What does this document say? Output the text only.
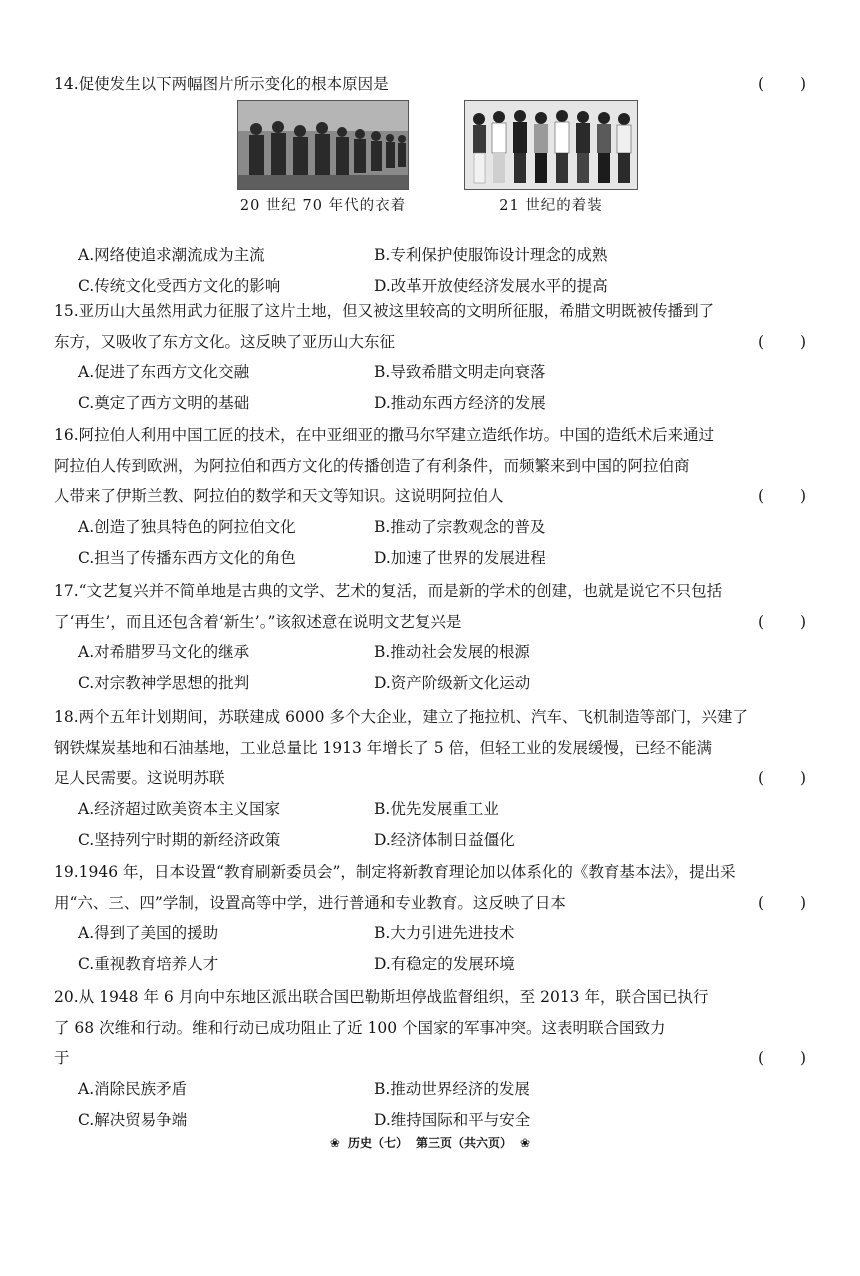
14.促使发生以下两幅图片所示变化的根本原因是	( )
20 世纪 70 年代的衣着	21 世纪的着装
A.网络使追求潮流成为主流	B.专利保护使服饰设计理念的成熟
C.传统文化受西方文化的影响	D.改革开放使经济发展水平的提高
15.亚历山大虽然用武力征服了这片土地，但又被这里较高的文明所征服，希腊文明既被传播到了
东方，又吸收了东方文化。这反映了亚历山大东征	( )
A.促进了东西方文化交融	B.导致希腊文明走向衰落
C.奠定了西方文明的基础	D.推动东西方经济的发展
16.阿拉伯人利用中国工匠的技术，在中亚细亚的撒马尔罕建立造纸作坊。中国的造纸术后来通过
阿拉伯人传到欧洲，为阿拉伯和西方文化的传播创造了有利条件，而频繁来到中国的阿拉伯商
人带来了伊斯兰教、阿拉伯的数学和天文等知识。这说明阿拉伯人	( )
A.创造了独具特色的阿拉伯文化	B.推动了宗教观念的普及
C.担当了传播东西方文化的角色	D.加速了世界的发展进程
17.“文艺复兴并不简单地是古典的文学、艺术的复活，而是新的学术的创建，也就是说它不只包括
了‘再生’，而且还包含着‘新生’。”该叙述意在说明文艺复兴是	( )
A.对希腊罗马文化的继承	B.推动社会发展的根源
C.对宗教神学思想的批判	D.资产阶级新文化运动
18.两个五年计划期间，苏联建成 6000 多个大企业，建立了拖拉机、汽车、飞机制造等部门，兴建了
钢铁煤炭基地和石油基地，工业总量比 1913 年增长了 5 倍，但轻工业的发展缓慢，已经不能满
足人民需要。这说明苏联	( )
A.经济超过欧美资本主义国家	B.优先发展重工业
C.坚持列宁时期的新经济政策	D.经济体制日益僵化
19.1946 年，日本设置“教育刷新委员会”，制定将新教育理论加以体系化的《教育基本法》，提出采
用“六、三、四”学制，设置高等中学，进行普通和专业教育。这反映了日本	( )
A.得到了美国的援助	B.大力引进先进技术
C.重视教育培养人才	D.有稳定的发展环境
20.从 1948 年 6 月向中东地区派出联合国巴勒斯坦停战监督组织，至 2013 年，联合国已执行
了 68 次维和行动。维和行动已成功阻止了近 100 个国家的军事冲突。这表明联合国致力
于	( )
A.消除民族矛盾	B.推动世界经济的发展
C.解决贸易争端	D.维持国际和平与安全
❀ 历史（七） 第三页（共六页） ❀
